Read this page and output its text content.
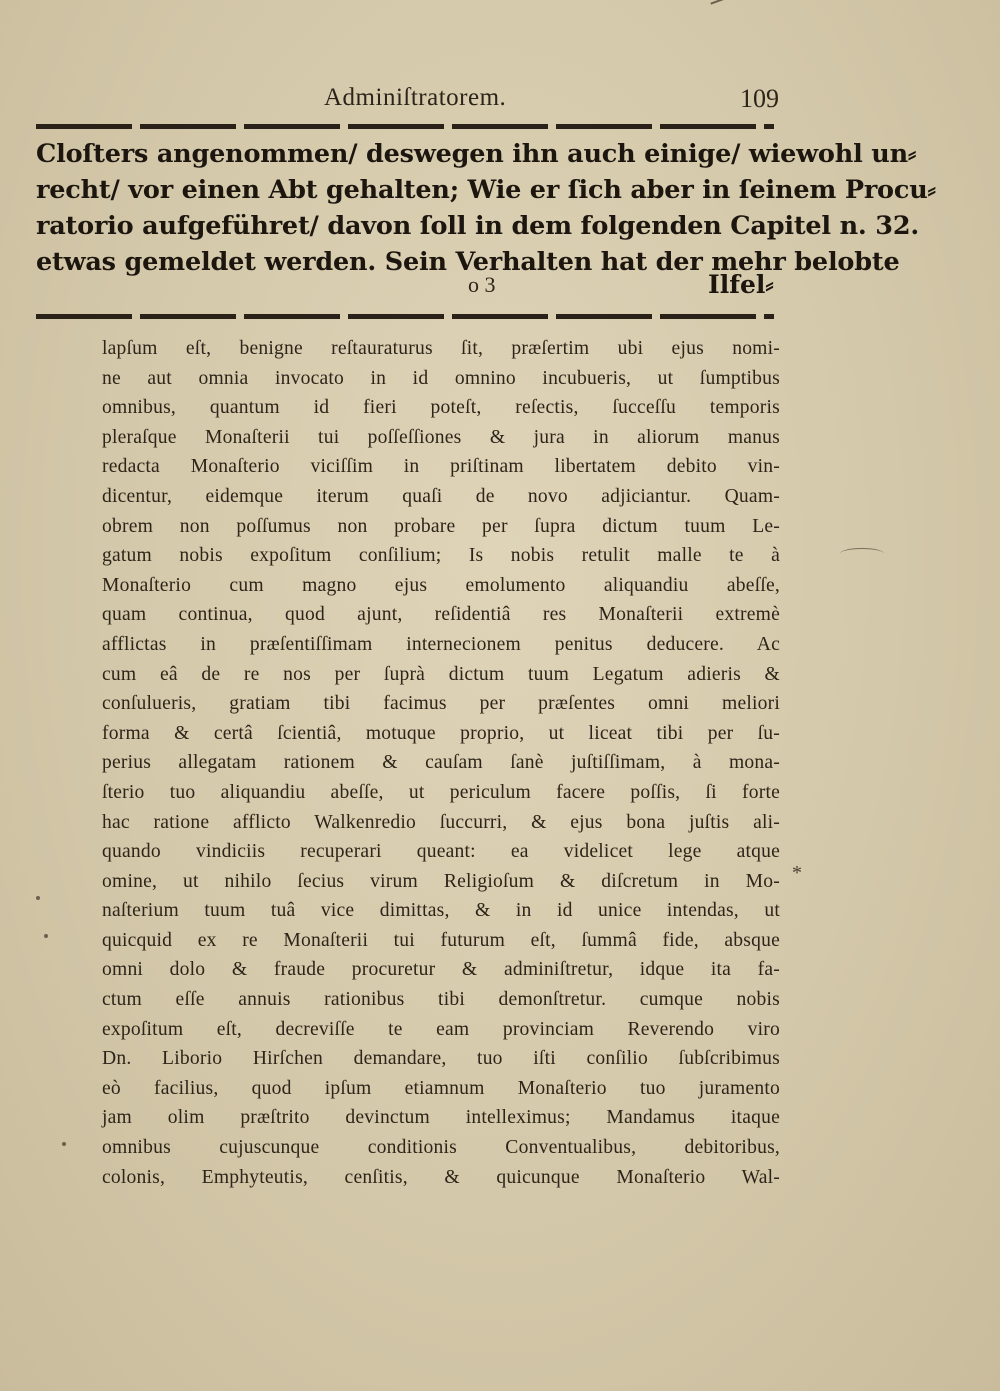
Adminiſtratorem.	109
Cloſters angenommen/ deswegen ihn auch einige/ wiewohl un⸗
recht/ vor einen Abt gehalten; Wie er ſich aber in ſeinem Procu⸗
ratorio aufgeführet/ davon ſoll in dem folgenden Capitel n. 32.
etwas gemeldet werden. Sein Verhalten hat der mehr belobte
o 3	Ilfel⸗
lapſum eſt, benigne reſtauraturus ſit, præſertim ubi ejus nomi-
ne aut omnia invocato in id omnino incubueris, ut ſumptibus
omnibus, quantum id fieri poteſt, reſectis, ſucceſſu temporis
pleraſque Monaſterii tui poſſeſſiones & jura in aliorum manus
redacta Monaſterio viciſſim in priſtinam libertatem debito vin-
dicentur, eidemque iterum quaſi de novo adjiciantur. Quam-
obrem non poſſumus non probare per ſupra dictum tuum Le-
gatum nobis expoſitum conſilium; Is nobis retulit malle te à
Monaſterio cum magno ejus emolumento aliquandiu abeſſe,
quam continua, quod ajunt, reſidentiâ res Monaſterii extremè
afflictas in præſentiſſimam internecionem penitus deducere. Ac
cum eâ de re nos per ſuprà dictum tuum Legatum adieris &
conſulueris, gratiam tibi facimus per præſentes omni meliori
forma & certâ ſcientiâ, motuque proprio, ut liceat tibi per ſu-
perius allegatam rationem & cauſam ſanè juſtiſſimam, à mona-
ſterio tuo aliquandiu abeſſe, ut periculum facere poſſis, ſi forte
hac ratione afflicto Walkenredio ſuccurri, & ejus bona juſtis ali-
quando vindiciis recuperari queant: ea videlicet lege atque
omine, ut nihilo ſecius virum Religioſum & diſcretum in Mo-
naſterium tuum tuâ vice dimittas, & in id unice intendas, ut
quicquid ex re Monaſterii tui futurum eſt, ſummâ fide, absque
omni dolo & fraude procuretur & adminiſtretur, idque ita fa-
ctum eſſe annuis rationibus tibi demonſtretur. cumque nobis
expoſitum eſt, decreviſſe te eam provinciam Reverendo viro
Dn. Liborio Hirſchen demandare, tuo iſti conſilio ſubſcribimus
eò facilius, quod ipſum etiamnum Monaſterio tuo juramento
jam olim præſtrito devinctum intelleximus; Mandamus itaque
omnibus cujuscunque conditionis Conventualibus, debitoribus,
colonis, Emphyteutis, cenſitis, & quicunque Monaſterio Wal-
*
